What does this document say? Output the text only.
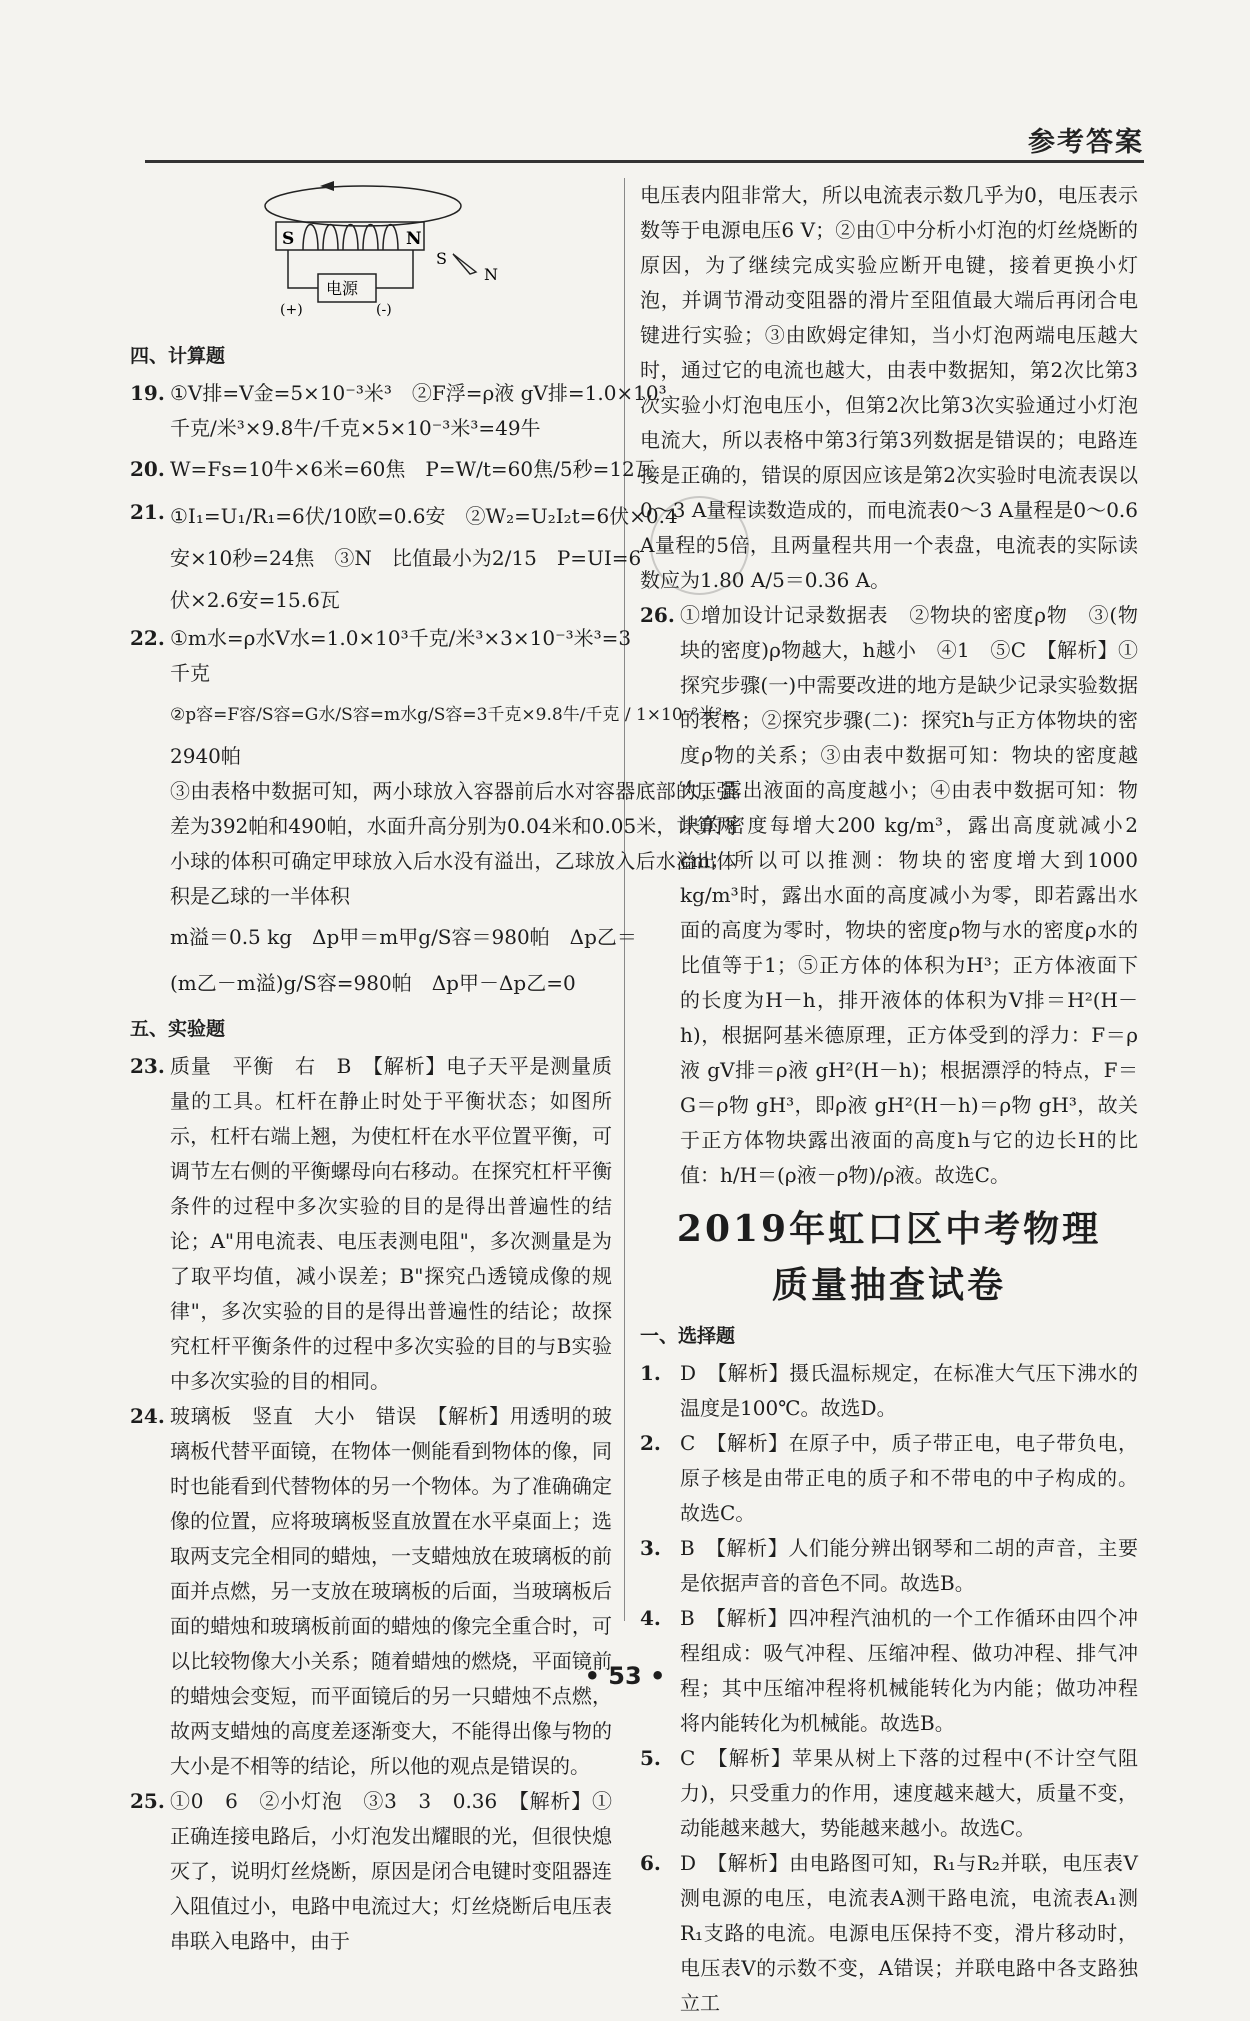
参考答案
S	N
电源
(+)	(-)
S
N
四、计算题
19. ①V排=V金=5×10⁻³米³　②F浮=ρ液 gV排=1.0×10³
千克/米³×9.8牛/千克×5×10⁻³米³=49牛
20. W=Fs=10牛×6米=60焦　P=W/t=60焦/5秒=12瓦
21. ①I₁=U₁/R₁=6伏/10欧=0.6安　②W₂=U₂I₂t=6伏×0.4
安×10秒=24焦　③N　比值最小为2/15　P=UI=6
伏×2.6安=15.6瓦
22. ①m水=ρ水V水=1.0×10³千克/米³×3×10⁻³米³=3
千克
②p容=F容/S容=G水/S容=m水g/S容=3千克×9.8牛/千克 / 1×10⁻²米²=
2940帕
③由表格中数据可知，两小球放入容器前后水对容器底部的压强差为392帕和490帕，水面升高分别为0.04米和0.05米，计算两小球的体积可确定甲球放入后水没有溢出，乙球放入后水溢出体积是乙球的一半体积
m溢＝0.5 kg　Δp甲＝m甲g/S容＝980帕　Δp乙＝
(m乙－m溢)g/S容=980帕　Δp甲－Δp乙=0
五、实验题
23. 质量　平衡　右　B　【解析】电子天平是测量质量的工具。杠杆在静止时处于平衡状态；如图所示，杠杆右端上翘，为使杠杆在水平位置平衡，可调节左右侧的平衡螺母向右移动。在探究杠杆平衡条件的过程中多次实验的目的是得出普遍性的结论；A"用电流表、电压表测电阻"，多次测量是为了取平均值，减小误差；B"探究凸透镜成像的规律"，多次实验的目的是得出普遍性的结论；故探究杠杆平衡条件的过程中多次实验的目的与B实验中多次实验的目的相同。
24. 玻璃板　竖直　大小　错误　【解析】用透明的玻璃板代替平面镜，在物体一侧能看到物体的像，同时也能看到代替物体的另一个物体。为了准确确定像的位置，应将玻璃板竖直放置在水平桌面上；选取两支完全相同的蜡烛，一支蜡烛放在玻璃板的前面并点燃，另一支放在玻璃板的后面，当玻璃板后面的蜡烛和玻璃板前面的蜡烛的像完全重合时，可以比较物像大小关系；随着蜡烛的燃烧，平面镜前的蜡烛会变短，而平面镜后的另一只蜡烛不点燃，故两支蜡烛的高度差逐渐变大，不能得出像与物的大小是不相等的结论，所以他的观点是错误的。
25. ①0　6　②小灯泡　③3　3　0.36　【解析】①正确连接电路后，小灯泡发出耀眼的光，但很快熄灭了，说明灯丝烧断，原因是闭合电键时变阻器连入阻值过小，电路中电流过大；灯丝烧断后电压表串联入电路中，由于
电压表内阻非常大，所以电流表示数几乎为0，电压表示数等于电源电压6 V；②由①中分析小灯泡的灯丝烧断的原因，为了继续完成实验应断开电键，接着更换小灯泡，并调节滑动变阻器的滑片至阻值最大端后再闭合电键进行实验；③由欧姆定律知，当小灯泡两端电压越大时，通过它的电流也越大，由表中数据知，第2次比第3次实验小灯泡电压小，但第2次比第3次实验通过小灯泡电流大，所以表格中第3行第3列数据是错误的；电路连接是正确的，错误的原因应该是第2次实验时电流表误以0～3 A量程读数造成的，而电流表0～3 A量程是0～0.6 A量程的5倍，且两量程共用一个表盘，电流表的实际读数应为1.80 A/5＝0.36 A。
26. ①增加设计记录数据表　②物块的密度ρ物　③(物块的密度)ρ物越大，h越小　④1　⑤C　【解析】①探究步骤(一)中需要改进的地方是缺少记录实验数据的表格；②探究步骤(二)：探究h与正方体物块的密度ρ物的关系；③由表中数据可知：物块的密度越大，露出液面的高度越小；④由表中数据可知：物块的密度每增大200 kg/m³，露出高度就减小2 cm；所以可以推测：物块的密度增大到1000 kg/m³时，露出水面的高度减小为零，即若露出水面的高度为零时，物块的密度ρ物与水的密度ρ水的比值等于1；⑤正方体的体积为H³；正方体液面下的长度为H－h，排开液体的体积为V排＝H²(H－h)，根据阿基米德原理，正方体受到的浮力：F＝ρ液 gV排＝ρ液 gH²(H－h)；根据漂浮的特点，F＝G＝ρ物 gH³，即ρ液 gH²(H－h)＝ρ物 gH³，故关于正方体物块露出液面的高度h与它的边长H的比值：h/H＝(ρ液－ρ物)/ρ液。故选C。
2019年虹口区中考物理
质量抽查试卷
一、选择题
1. D　【解析】摄氏温标规定，在标准大气压下沸水的温度是100℃。故选D。
2. C　【解析】在原子中，质子带正电，电子带负电，原子核是由带正电的质子和不带电的中子构成的。故选C。
3. B　【解析】人们能分辨出钢琴和二胡的声音，主要是依据声音的音色不同。故选B。
4. B　【解析】四冲程汽油机的一个工作循环由四个冲程组成：吸气冲程、压缩冲程、做功冲程、排气冲程；其中压缩冲程将机械能转化为内能；做功冲程将内能转化为机械能。故选B。
5. C　【解析】苹果从树上下落的过程中(不计空气阻力)，只受重力的作用，速度越来越大，质量不变，动能越来越大，势能越来越小。故选C。
6. D　【解析】由电路图可知，R₁与R₂并联，电压表V测电源的电压，电流表A测干路电流，电流表A₁测R₁支路的电流。电源电压保持不变，滑片移动时，电压表V的示数不变，A错误；并联电路中各支路独立工
• 53 •
